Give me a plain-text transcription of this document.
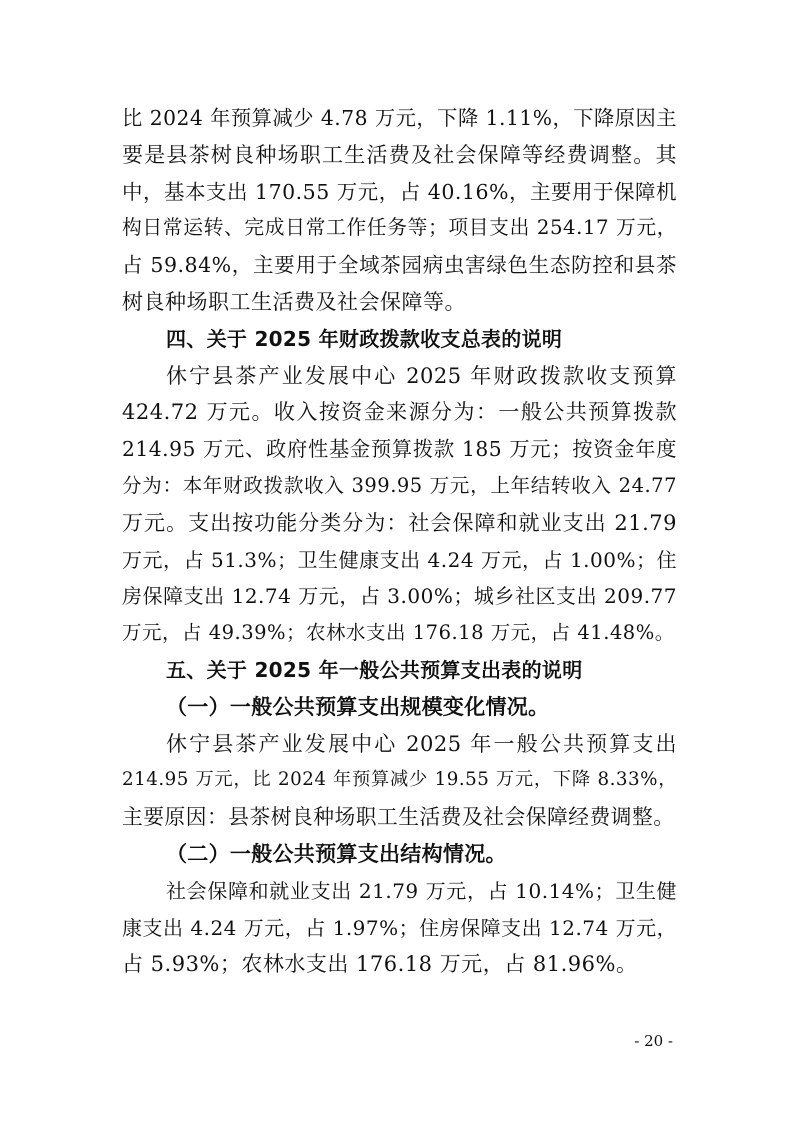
比 2024 年预算减少 4.78 万元，下降 1.11%，下降原因主
要是县茶树良种场职工生活费及社会保障等经费调整。其
中，基本支出 170.55 万元，占 40.16%，主要用于保障机
构日常运转、完成日常工作任务等；项目支出 254.17 万元，
占 59.84%，主要用于全域茶园病虫害绿色生态防控和县茶
树良种场职工生活费及社会保障等。
四、关于 2025 年财政拨款收支总表的说明
休宁县茶产业发展中心 2025 年财政拨款收支预算
424.72 万元。收入按资金来源分为：一般公共预算拨款
214.95 万元、政府性基金预算拨款 185 万元；按资金年度
分为：本年财政拨款收入 399.95 万元，上年结转收入 24.77
万元。支出按功能分类分为：社会保障和就业支出 21.79
万元，占 51.3%；卫生健康支出 4.24 万元，占 1.00%；住
房保障支出 12.74 万元，占 3.00%；城乡社区支出 209.77
万元，占 49.39%；农林水支出 176.18 万元，占 41.48%。
五、关于 2025 年一般公共预算支出表的说明
（一）一般公共预算支出规模变化情况。
休宁县茶产业发展中心 2025 年一般公共预算支出
214.95 万元，比 2024 年预算减少 19.55 万元，下降 8.33%，
主要原因：县茶树良种场职工生活费及社会保障经费调整。
（二）一般公共预算支出结构情况。
社会保障和就业支出 21.79 万元，占 10.14%；卫生健
康支出 4.24 万元，占 1.97%；住房保障支出 12.74 万元，
占 5.93%；农林水支出 176.18 万元，占 81.96%。
- 20 -
